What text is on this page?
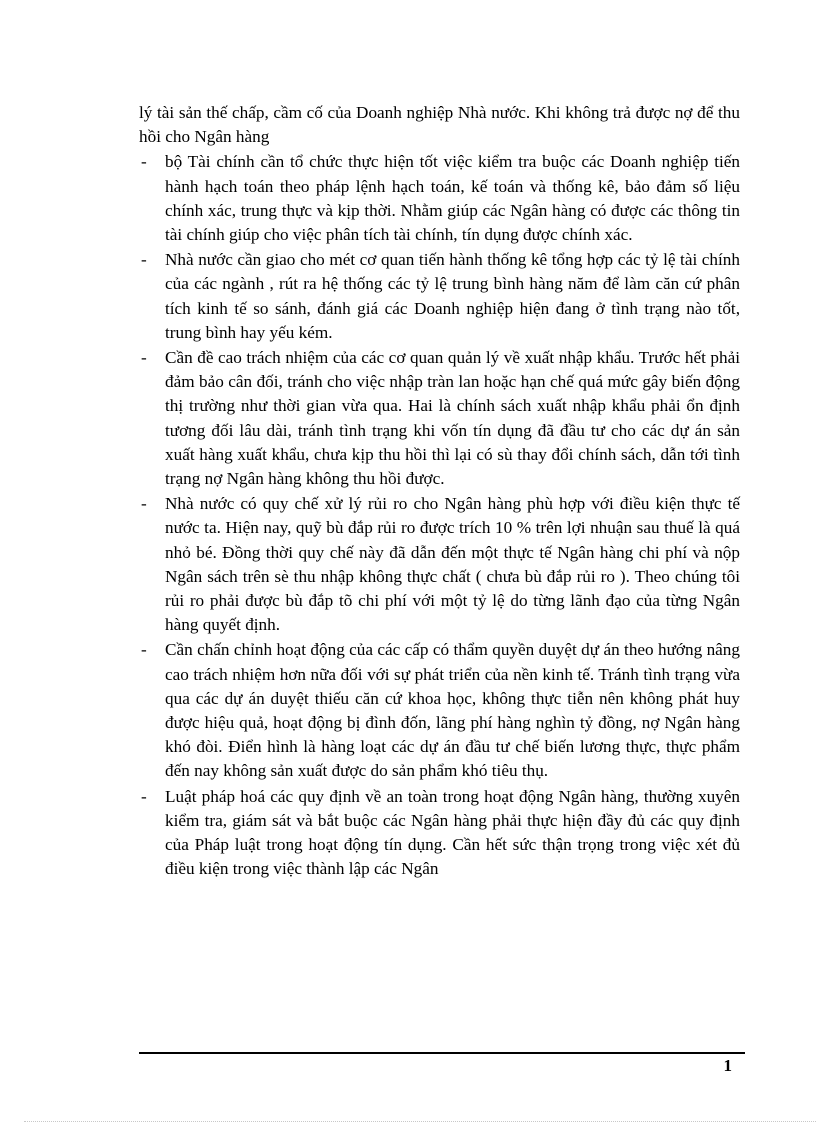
lý tài sản thế chấp, cầm cố của Doanh nghiệp Nhà nước. Khi không trả được nợ để thu hồi cho Ngân hàng

- bộ Tài chính cần tổ chức thực hiện tốt việc kiểm tra buộc các Doanh nghiệp tiến hành hạch toán theo pháp lệnh hạch toán, kế toán và thống kê, bảo đảm số liệu chính xác, trung thực và kịp thời. Nhằm giúp các Ngân hàng có được các thông tin tài chính giúp cho việc phân tích tài chính, tín dụng được chính xác.
- Nhà nước cần giao cho mét cơ quan tiến hành thống kê tổng hợp các tỷ lệ tài chính của các ngành , rút ra hệ thống các tỷ lệ trung bình hàng năm để làm căn cứ phân tích kinh tế so sánh, đánh giá các Doanh nghiệp hiện đang ở tình trạng nào tốt, trung bình hay yếu kém.
- Cần đề cao trách nhiệm của các cơ quan quản lý về xuất nhập khẩu. Trước hết phải đảm bảo cân đối, tránh cho việc nhập tràn lan hoặc hạn chế quá mức gây biến động thị trường như thời gian vừa qua. Hai là chính sách xuất nhập khẩu phải ổn định tương đối lâu dài, tránh tình trạng khi vốn tín dụng đã đầu tư cho các dự án sản xuất hàng xuất khẩu, chưa kịp thu hồi thì lại có sù thay đổi chính sách, dẫn tới tình trạng nợ Ngân hàng không thu hồi được.
- Nhà nước có quy chế xử lý rủi ro cho Ngân hàng phù hợp với điều kiện thực tế nước ta. Hiện nay, quỹ bù đắp rủi ro được trích 10 % trên lợi nhuận sau thuế là quá nhỏ bé. Đồng thời quy chế này đã dẫn đến một thực tế Ngân hàng chi phí và nộp Ngân sách trên sè thu nhập không thực chất ( chưa bù đắp rủi ro ). Theo chúng tôi rủi ro phải được bù đắp tõ chi phí với một tỷ lệ do từng lãnh đạo của từng Ngân hàng quyết định.
- Cần chấn chỉnh hoạt động của các cấp có thẩm quyền duyệt dự án theo hướng nâng cao trách nhiệm hơn nữa đối với sự phát triển của nền kinh tế. Tránh tình trạng vừa qua các dự án duyệt thiếu căn cứ khoa học, không thực tiễn nên không phát huy được hiệu quả, hoạt động bị đình đốn, lãng phí hàng nghìn tỷ đồng, nợ Ngân hàng khó đòi. Điển hình là hàng loạt các dự án đầu tư chế biến lương thực, thực phẩm đến nay không sản xuất được do sản phẩm khó tiêu thụ.
- Luật pháp hoá các quy định về an toàn trong hoạt động Ngân hàng, thường xuyên kiểm tra, giám sát và bắt buộc các Ngân hàng phải thực hiện đầy đủ các quy định của Pháp luật trong hoạt động tín dụng. Cần hết sức thận trọng trong việc xét đủ điều kiện trong việc thành lập các Ngân
1
